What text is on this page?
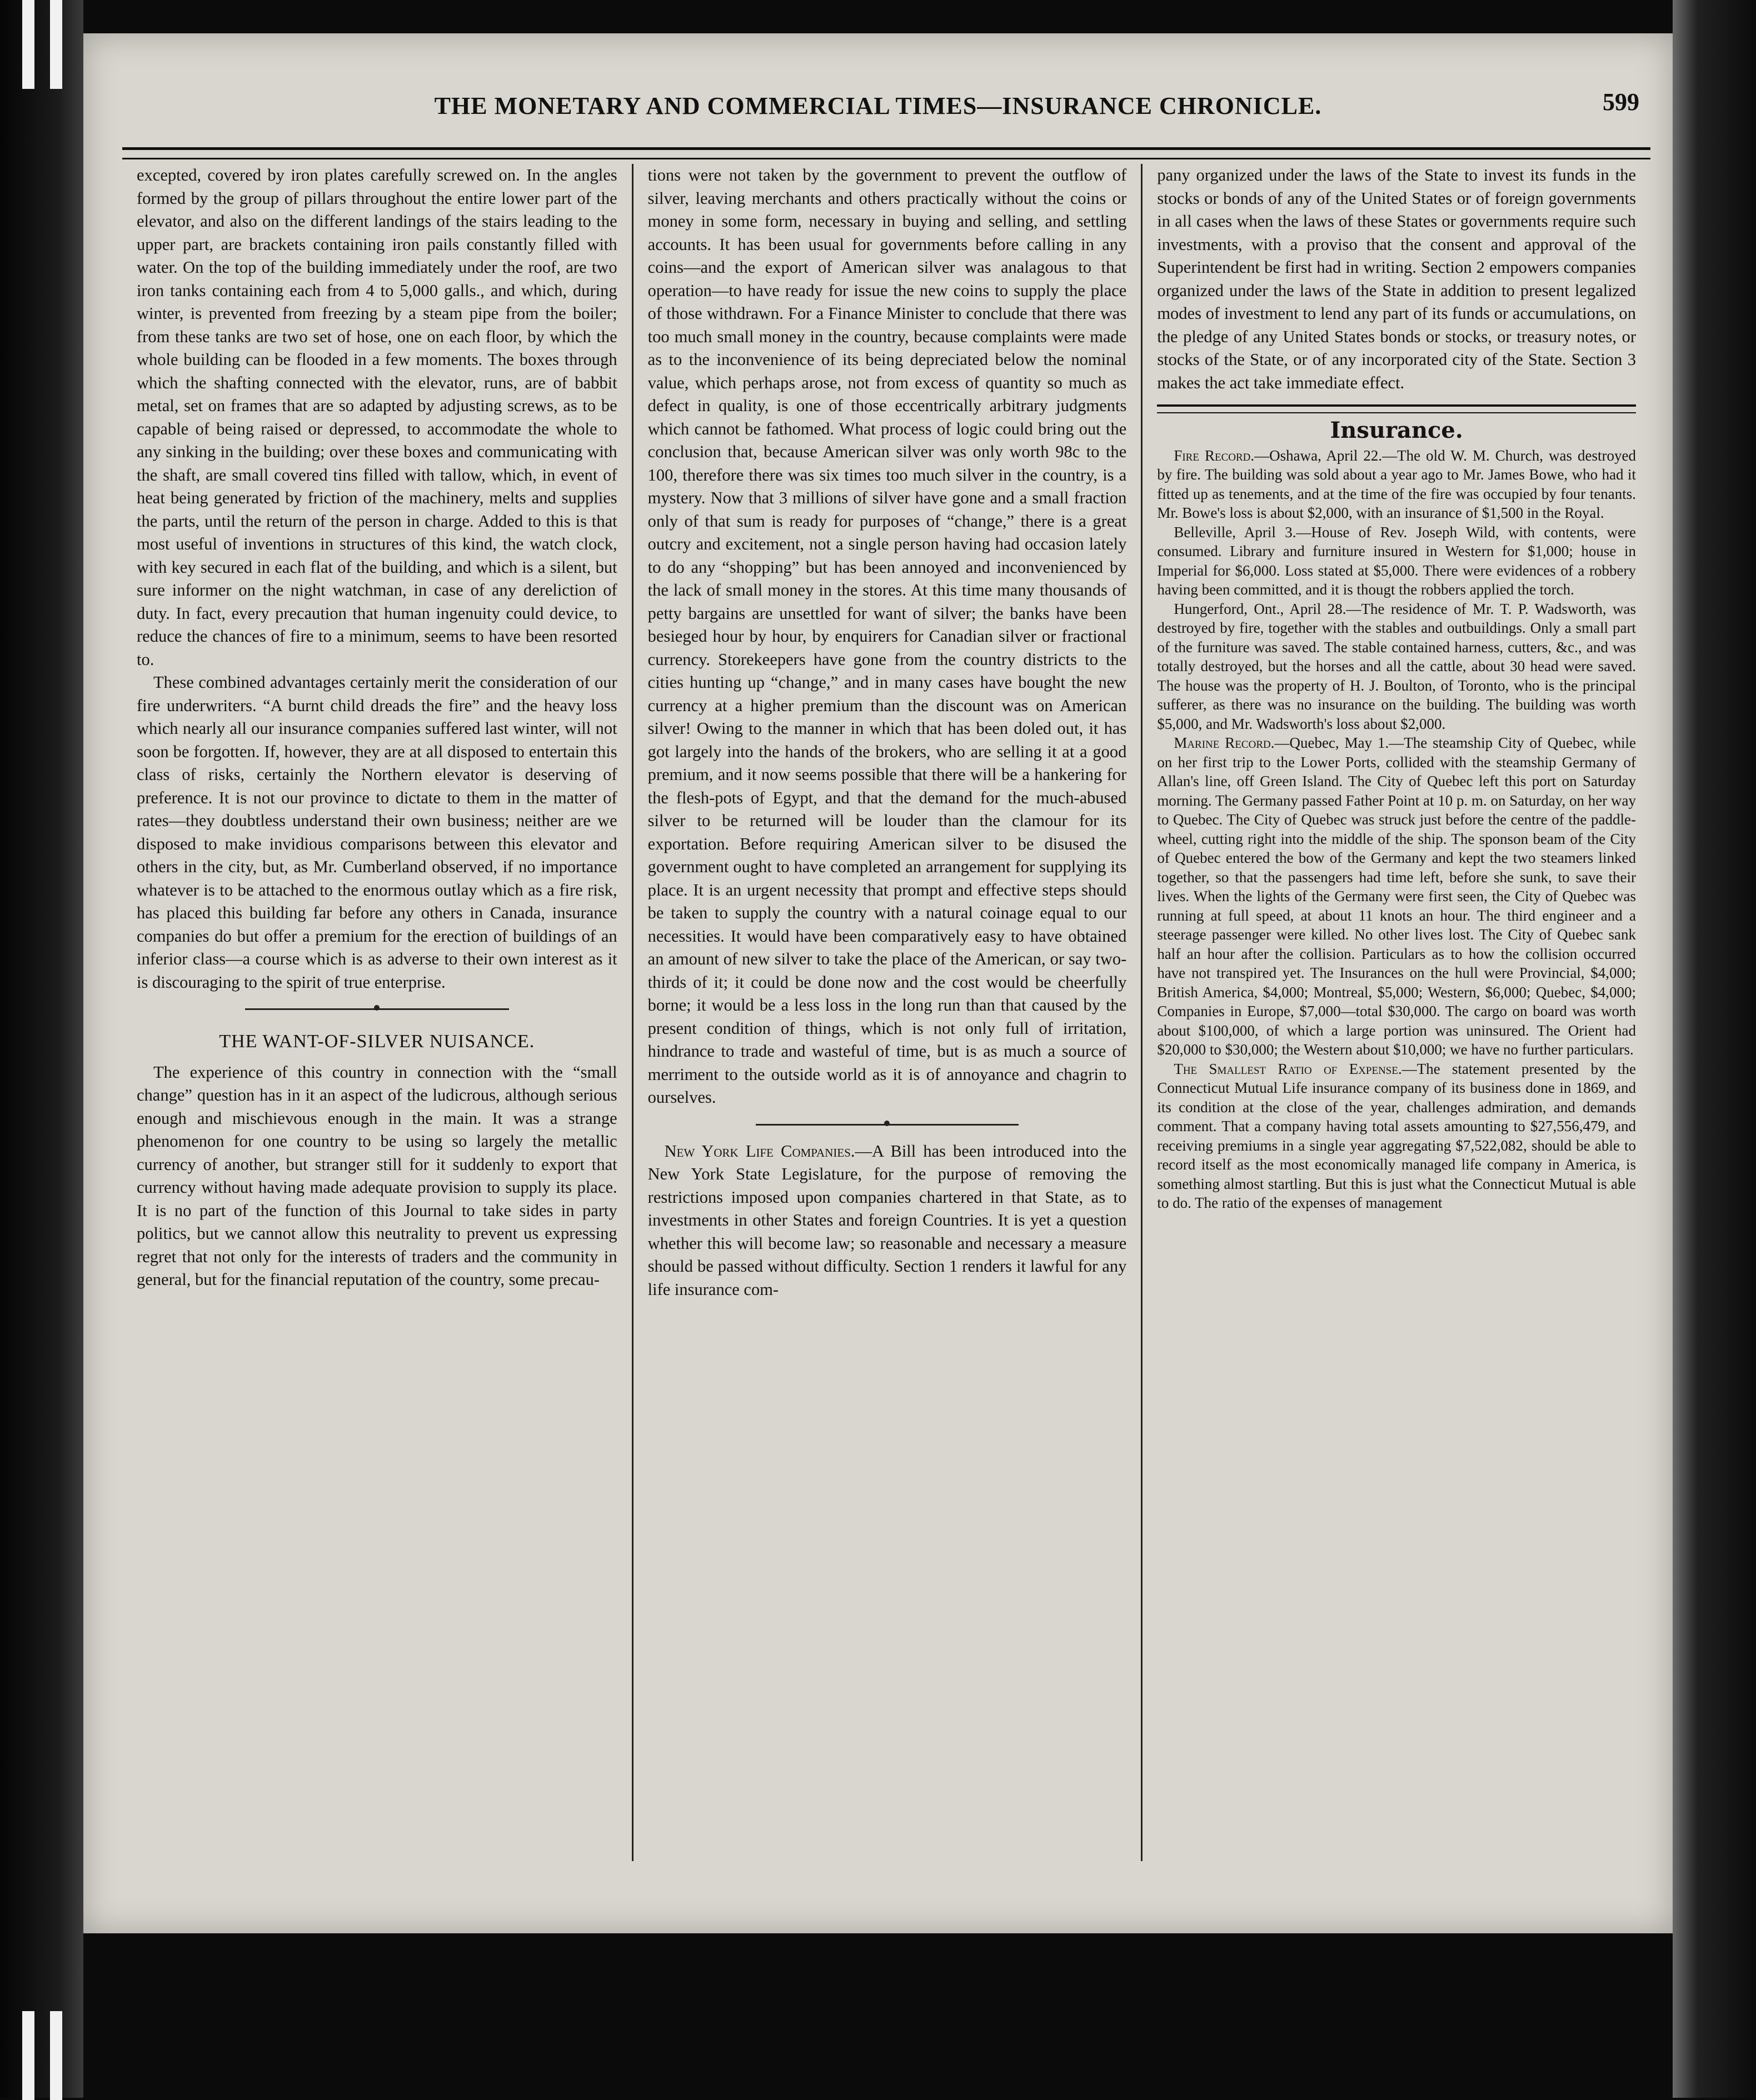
THE MONETARY AND COMMERCIAL TIMES—INSURANCE CHRONICLE.	599

excepted, covered by iron plates carefully screwed on. In the angles formed by the group of pillars throughout the entire lower part of the elevator, and also on the different landings of the stairs leading to the upper part, are brackets containing iron pails constantly filled with water. On the top of the building immediately under the roof, are two iron tanks containing each from 4 to 5,000 galls., and which, during winter, is prevented from freezing by a steam pipe from the boiler; from these tanks are two set of hose, one on each floor, by which the whole building can be flooded in a few moments. The boxes through which the shafting connected with the elevator, runs, are of babbit metal, set on frames that are so adapted by adjusting screws, as to be capable of being raised or depressed, to accommodate the whole to any sinking in the building; over these boxes and communicating with the shaft, are small covered tins filled with tallow, which, in event of heat being generated by friction of the machinery, melts and supplies the parts, until the return of the person in charge. Added to this is that most useful of inventions in structures of this kind, the watch clock, with key secured in each flat of the building, and which is a silent, but sure informer on the night watchman, in case of any dereliction of duty. In fact, every precaution that human ingenuity could device, to reduce the chances of fire to a minimum, seems to have been resorted to.

These combined advantages certainly merit the consideration of our fire underwriters. “A burnt child dreads the fire” and the heavy loss which nearly all our insurance companies suffered last winter, will not soon be forgotten. If, however, they are at all disposed to entertain this class of risks, certainly the Northern elevator is deserving of preference. It is not our province to dictate to them in the matter of rates—they doubtless understand their own business; neither are we disposed to make invidious comparisons between this elevator and others in the city, but, as Mr. Cumberland observed, if no importance whatever is to be attached to the enormous outlay which as a fire risk, has placed this building far before any others in Canada, insurance companies do but offer a premium for the erection of buildings of an inferior class—a course which is as adverse to their own interest as it is discouraging to the spirit of true enterprise.

THE WANT-OF-SILVER NUISANCE.

The experience of this country in connection with the “small change” question has in it an aspect of the ludicrous, although serious enough and mischievous enough in the main. It was a strange phenomenon for one country to be using so largely the metallic currency of another, but stranger still for it suddenly to export that currency without having made adequate provision to supply its place. It is no part of the function of this Journal to take sides in party politics, but we cannot allow this neutrality to prevent us expressing regret that not only for the interests of traders and the community in general, but for the financial reputation of the country, some precau-

tions were not taken by the government to prevent the outflow of silver, leaving merchants and others practically without the coins or money in some form, necessary in buying and selling, and settling accounts. It has been usual for governments before calling in any coins—and the export of American silver was analagous to that operation—to have ready for issue the new coins to supply the place of those withdrawn. For a Finance Minister to conclude that there was too much small money in the country, because complaints were made as to the inconvenience of its being depreciated below the nominal value, which perhaps arose, not from excess of quantity so much as defect in quality, is one of those eccentrically arbitrary judgments which cannot be fathomed. What process of logic could bring out the conclusion that, because American silver was only worth 98c to the 100, therefore there was six times too much silver in the country, is a mystery. Now that 3 millions of silver have gone and a small fraction only of that sum is ready for purposes of “change,” there is a great outcry and excitement, not a single person having had occasion lately to do any “shopping” but has been annoyed and inconvenienced by the lack of small money in the stores. At this time many thousands of petty bargains are unsettled for want of silver; the banks have been besieged hour by hour, by enquirers for Canadian silver or fractional currency. Storekeepers have gone from the country districts to the cities hunting up “change,” and in many cases have bought the new currency at a higher premium than the discount was on American silver! Owing to the manner in which that has been doled out, it has got largely into the hands of the brokers, who are selling it at a good premium, and it now seems possible that there will be a hankering for the flesh-pots of Egypt, and that the demand for the much-abused silver to be returned will be louder than the clamour for its exportation. Before requiring American silver to be disused the government ought to have completed an arrangement for supplying its place. It is an urgent necessity that prompt and effective steps should be taken to supply the country with a natural coinage equal to our necessities. It would have been comparatively easy to have obtained an amount of new silver to take the place of the American, or say two-thirds of it; it could be done now and the cost would be cheerfully borne; it would be a less loss in the long run than that caused by the present condition of things, which is not only full of irritation, hindrance to trade and wasteful of time, but is as much a source of merriment to the outside world as it is of annoyance and chagrin to ourselves.

New York Life Companies.—A Bill has been introduced into the New York State Legislature, for the purpose of removing the restrictions imposed upon companies chartered in that State, as to investments in other States and foreign Countries. It is yet a question whether this will become law; so reasonable and necessary a measure should be passed without difficulty. Section 1 renders it lawful for any life insurance com-

pany organized under the laws of the State to invest its funds in the stocks or bonds of any of the United States or of foreign governments in all cases when the laws of these States or governments require such investments, with a proviso that the consent and approval of the Superintendent be first had in writing. Section 2 empowers companies organized under the laws of the State in addition to present legalized modes of investment to lend any part of its funds or accumulations, on the pledge of any United States bonds or stocks, or treasury notes, or stocks of the State, or of any incorporated city of the State. Section 3 makes the act take immediate effect.

Insurance.

Fire Record.—Oshawa, April 22.—The old W. M. Church, was destroyed by fire. The building was sold about a year ago to Mr. James Bowe, who had it fitted up as tenements, and at the time of the fire was occupied by four tenants. Mr. Bowe's loss is about $2,000, with an insurance of $1,500 in the Royal.

Belleville, April 3.—House of Rev. Joseph Wild, with contents, were consumed. Library and furniture insured in Western for $1,000; house in Imperial for $6,000. Loss stated at $5,000. There were evidences of a robbery having been committed, and it is thougt the robbers applied the torch.

Hungerford, Ont., April 28.—The residence of Mr. T. P. Wadsworth, was destroyed by fire, together with the stables and outbuildings. Only a small part of the furniture was saved. The stable contained harness, cutters, &c., and was totally destroyed, but the horses and all the cattle, about 30 head were saved. The house was the property of H. J. Boulton, of Toronto, who is the principal sufferer, as there was no insurance on the building. The building was worth $5,000, and Mr. Wadsworth's loss about $2,000.

Marine Record.—Quebec, May 1.—The steamship City of Quebec, while on her first trip to the Lower Ports, collided with the steamship Germany of Allan's line, off Green Island. The City of Quebec left this port on Saturday morning. The Germany passed Father Point at 10 p. m. on Saturday, on her way to Quebec. The City of Quebec was struck just before the centre of the paddle-wheel, cutting right into the middle of the ship. The sponson beam of the City of Quebec entered the bow of the Germany and kept the two steamers linked together, so that the passengers had time left, before she sunk, to save their lives. When the lights of the Germany were first seen, the City of Quebec was running at full speed, at about 11 knots an hour. The third engineer and a steerage passenger were killed. No other lives lost. The City of Quebec sank half an hour after the collision. Particulars as to how the collision occurred have not transpired yet. The Insurances on the hull were Provincial, $4,000; British America, $4,000; Montreal, $5,000; Western, $6,000; Quebec, $4,000; Companies in Europe, $7,000—total $30,000. The cargo on board was worth about $100,000, of which a large portion was uninsured. The Orient had $20,000 to $30,000; the Western about $10,000; we have no further particulars.

The Smallest Ratio of Expense.—The statement presented by the Connecticut Mutual Life insurance company of its business done in 1869, and its condition at the close of the year, challenges admiration, and demands comment. That a company having total assets amounting to $27,556,479, and receiving premiums in a single year aggregating $7,522,082, should be able to record itself as the most economically managed life company in America, is something almost startling. But this is just what the Connecticut Mutual is able to do. The ratio of the expenses of management
